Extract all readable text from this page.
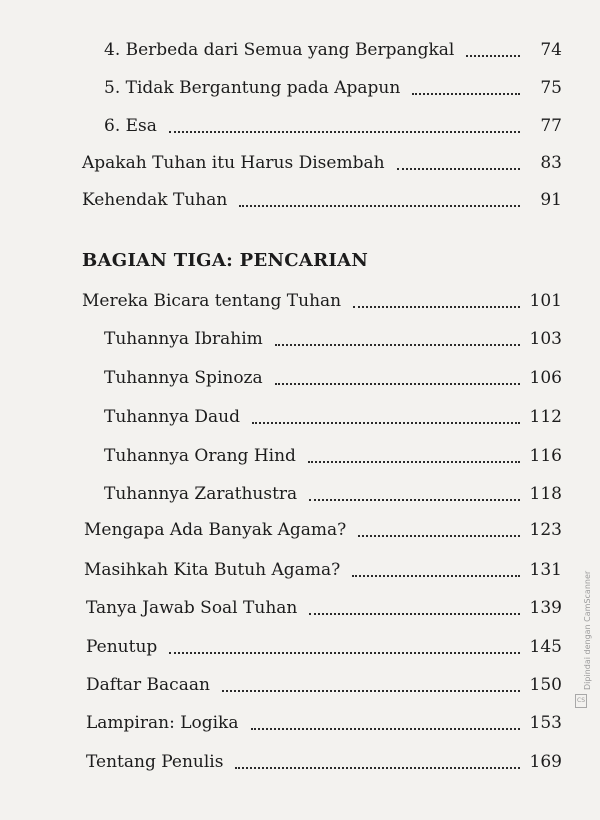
4. Berbeda dari Semua yang Berpangkal	74
5. Tidak Bergantung pada Apapun	75
6. Esa	77
Apakah Tuhan itu Harus Disembah	83
Kehendak Tuhan	91
BAGIAN TIGA: PENCARIAN
Mereka Bicara tentang Tuhan	101
Tuhannya Ibrahim	103
Tuhannya Spinoza	106
Tuhannya Daud	112
Tuhannya Orang Hind	116
Tuhannya Zarathustra	118
Mengapa Ada Banyak Agama?	123
Masihkah Kita Butuh Agama?	131
Tanya Jawab Soal Tuhan	139
Penutup	145
Daftar Bacaan	150
Lampiran: Logika	153
Tentang Penulis	169
CS
Dipindai dengan CamScanner
